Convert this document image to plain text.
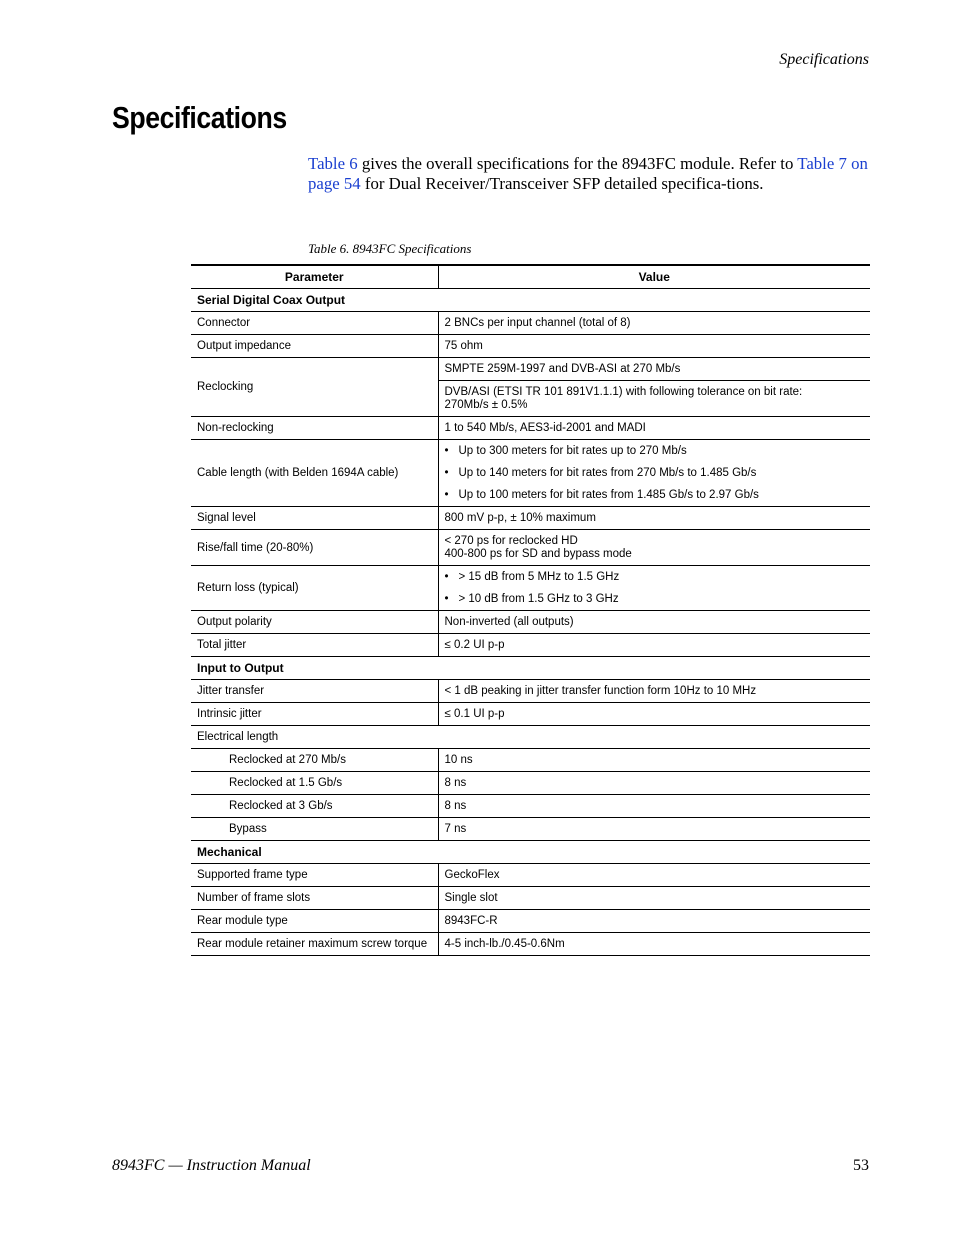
Specifications
Specifications

Table 6 gives the overall specifications for the 8943FC module. Refer to Table 7 on page 54 for Dual Receiver/Transceiver SFP detailed specifica-tions.

Table 6. 8943FC Specifications
Parameter	Value
Serial Digital Coax Output	
Connector	2 BNCs per input channel (total of 8)
Output impedance	75 ohm
Reclocking	SMPTE 259M-1997 and DVB-ASI at 270 Mb/s

	DVB/ASI (ETSI TR 101 891V1.1.1) with following tolerance on bit rate:
270Mb/s ± 0.5%

Non-reclocking	1 to 540 Mb/s, AES3-id-2001 and MADI
Cable length (with Belden 1694A cable)	• Up to 300 meters for bit rates up to 270 Mb/s
• Up to 140 meters for bit rates from 270 Mb/s to 1.485 Gb/s
• Up to 100 meters for bit rates from 1.485 Gb/s to 2.97 Gb/s

Signal level	800 mV p-p, ± 10% maximum
Rise/fall time (20-80%)	< 270 ps for reclocked HD
400-800 ps for SD and bypass mode

Return loss (typical)	• > 15 dB from 5 MHz to 1.5 GHz
• > 10 dB from 1.5 GHz to 3 GHz

Output polarity	Non-inverted (all outputs)
Total jitter	≤ 0.2 UI p-p
Input to Output	
Jitter transfer	< 1 dB peaking in jitter transfer function form 10Hz to 10 MHz
Intrinsic jitter	≤ 0.1 UI p-p
Electrical length	
Reclocked at 270 Mb/s	10 ns
Reclocked at 1.5 Gb/s	8 ns
Reclocked at 3 Gb/s	8 ns
Bypass	7 ns
Mechanical	
Supported frame type	GeckoFlex
Number of frame slots	Single slot
Rear module type	8943FC-R
Rear module retainer maximum screw torque	4-5 inch-lb./0.45-0.6Nm
8943FC — Instruction Manual	53
